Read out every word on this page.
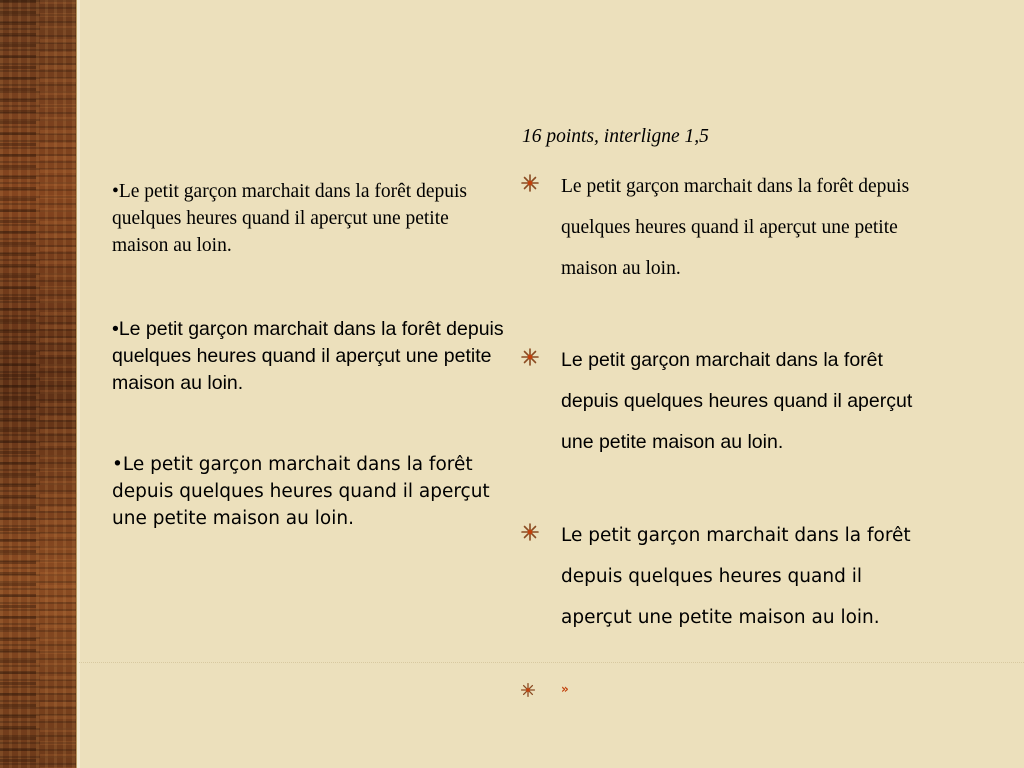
•Le petit garçon marchait dans la forêt depuis quelques heures quand il aperçut une petite maison au loin.

•Le petit garçon marchait dans la forêt depuis quelques heures quand il aperçut une petite maison au loin.

•Le petit garçon marchait dans la forêt depuis quelques heures quand il aperçut une petite maison au loin.

16 points, interligne 1,5
Le petit garçon marchait dans la forêt depuis quelques heures quand il aperçut une petite maison au loin.
Le petit garçon marchait dans la forêt depuis quelques heures quand il aperçut une petite maison au loin.
Le petit garçon marchait dans la forêt depuis quelques heures quand il aperçut une petite maison au loin.
»
